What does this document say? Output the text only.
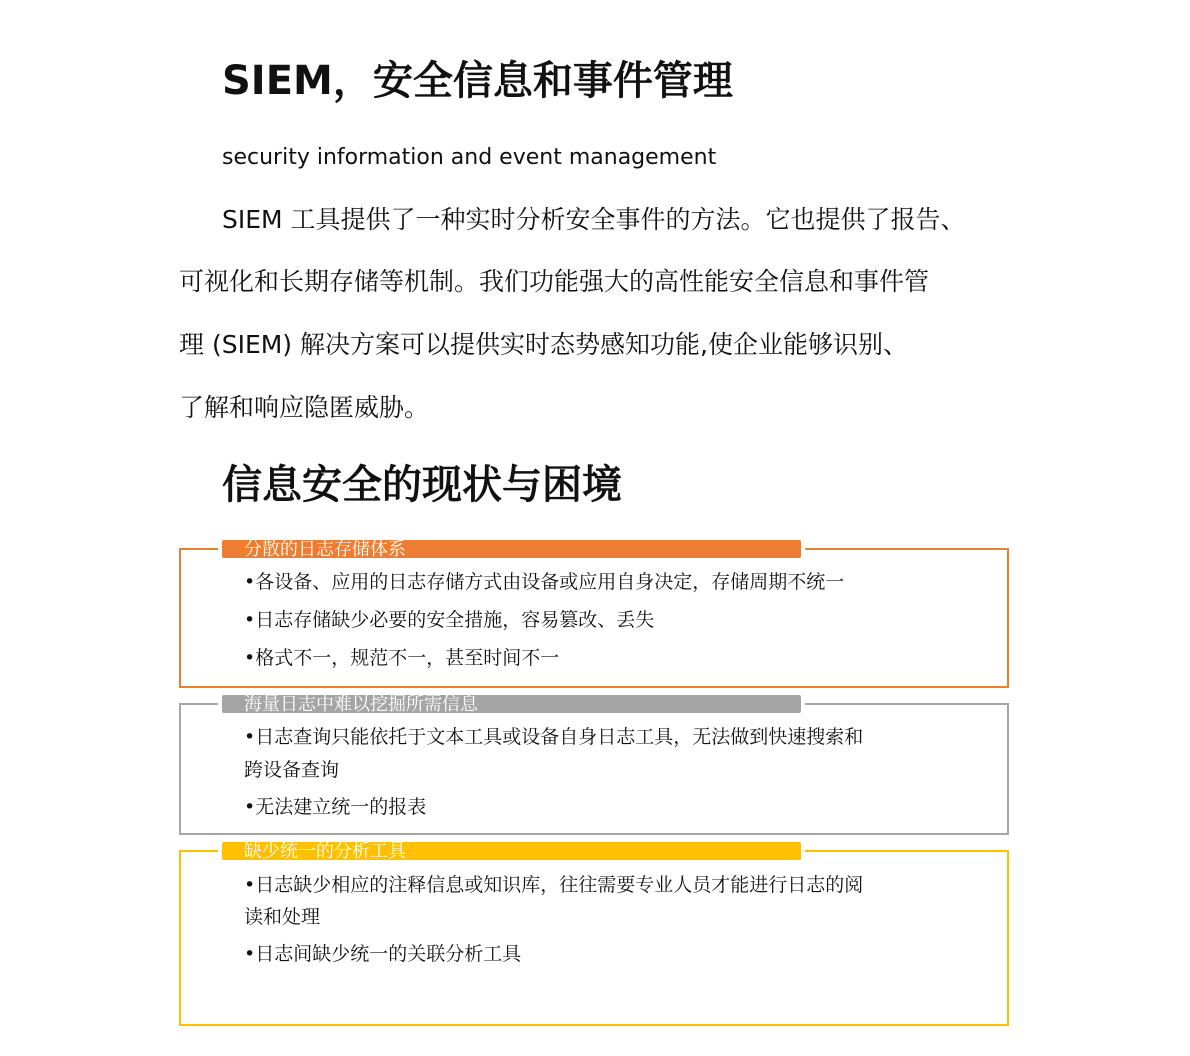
SIEM，安全信息和事件管理
security information and event management
SIEM 工具提供了一种实时分析安全事件的方法。它也提供了报告、
可视化和长期存储等机制。我们功能强大的高性能安全信息和事件管
理 (SIEM) 解决方案可以提供实时态势感知功能,使企业能够识别、
了解和响应隐匿威胁。
信息安全的现状与困境
分散的日志存储体系
•各设备、应用的日志存储方式由设备或应用自身决定，存储周期不统一
•日志存储缺少必要的安全措施，容易篡改、丢失
•格式不一，规范不一，甚至时间不一
海量日志中难以挖掘所需信息
•日志查询只能依托于文本工具或设备自身日志工具，无法做到快速搜索和
跨设备查询
•无法建立统一的报表
缺少统一的分析工具
•日志缺少相应的注释信息或知识库，往往需要专业人员才能进行日志的阅
读和处理
•日志间缺少统一的关联分析工具
